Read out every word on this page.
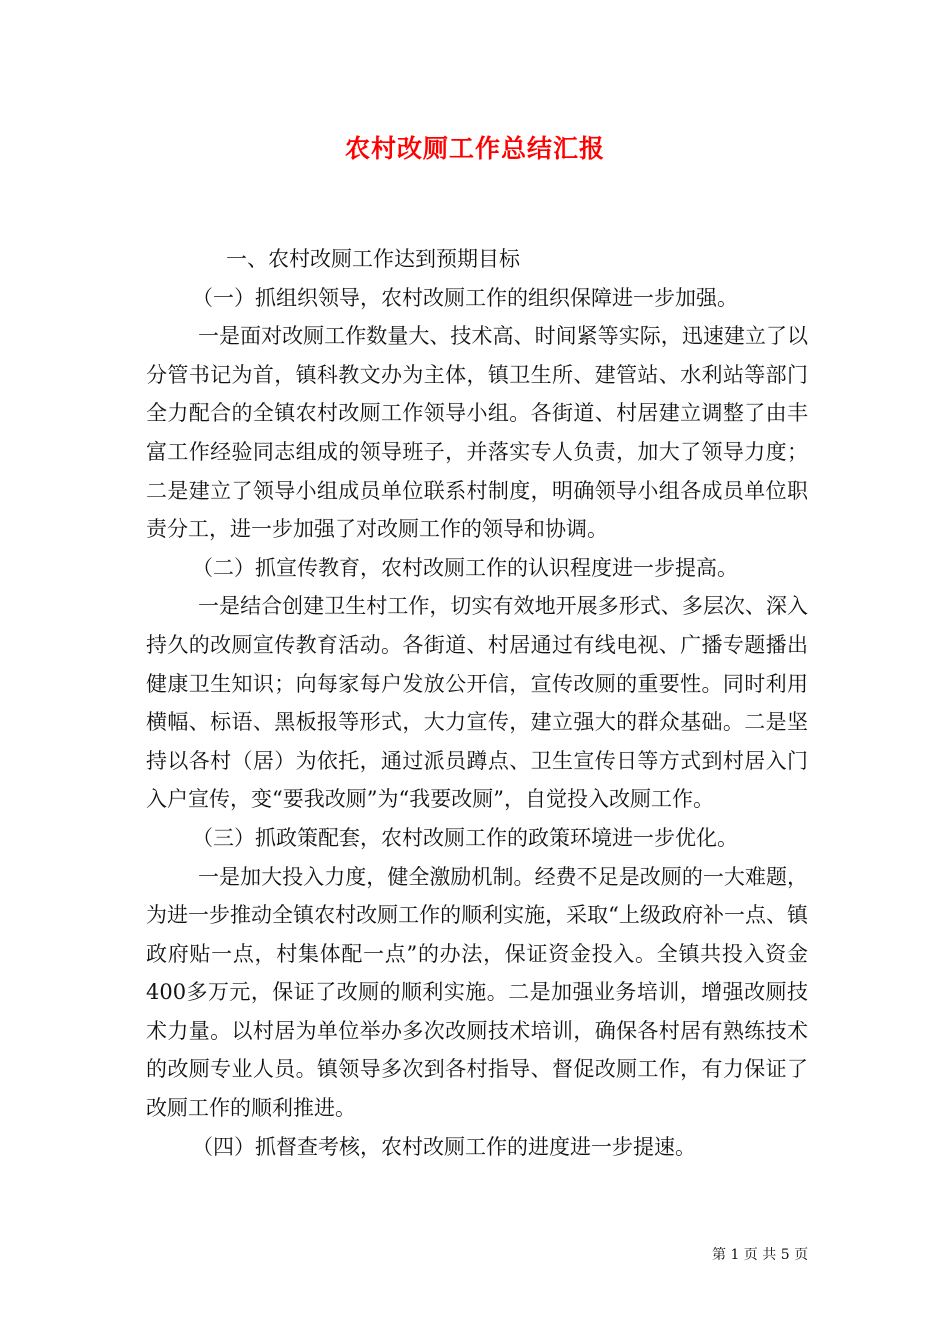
农村改厕工作总结汇报

一、农村改厕工作达到预期目标

（一）抓组织领导，农村改厕工作的组织保障进一步加强。

一是面对改厕工作数量大、技术高、时间紧等实际，迅速建立了以分管书记为首，镇科教文办为主体，镇卫生所、建管站、水利站等部门全力配合的全镇农村改厕工作领导小组。各街道、村居建立调整了由丰富工作经验同志组成的领导班子，并落实专人负责，加大了领导力度；二是建立了领导小组成员单位联系村制度，明确领导小组各成员单位职责分工，进一步加强了对改厕工作的领导和协调。

（二）抓宣传教育，农村改厕工作的认识程度进一步提高。

一是结合创建卫生村工作，切实有效地开展多形式、多层次、深入持久的改厕宣传教育活动。各街道、村居通过有线电视、广播专题播出健康卫生知识；向每家每户发放公开信，宣传改厕的重要性。同时利用横幅、标语、黑板报等形式，大力宣传，建立强大的群众基础。二是坚持以各村（居）为依托，通过派员蹲点、卫生宣传日等方式到村居入门入户宣传，变“要我改厕”为“我要改厕”，自觉投入改厕工作。

（三）抓政策配套，农村改厕工作的政策环境进一步优化。

一是加大投入力度，健全激励机制。经费不足是改厕的一大难题，为进一步推动全镇农村改厕工作的顺利实施，采取“上级政府补一点、镇政府贴一点，村集体配一点”的办法，保证资金投入。全镇共投入资金400多万元，保证了改厕的顺利实施。二是加强业务培训，增强改厕技术力量。以村居为单位举办多次改厕技术培训，确保各村居有熟练技术的改厕专业人员。镇领导多次到各村指导、督促改厕工作，有力保证了改厕工作的顺利推进。

（四）抓督查考核，农村改厕工作的进度进一步提速。

第 1 页 共 5 页
